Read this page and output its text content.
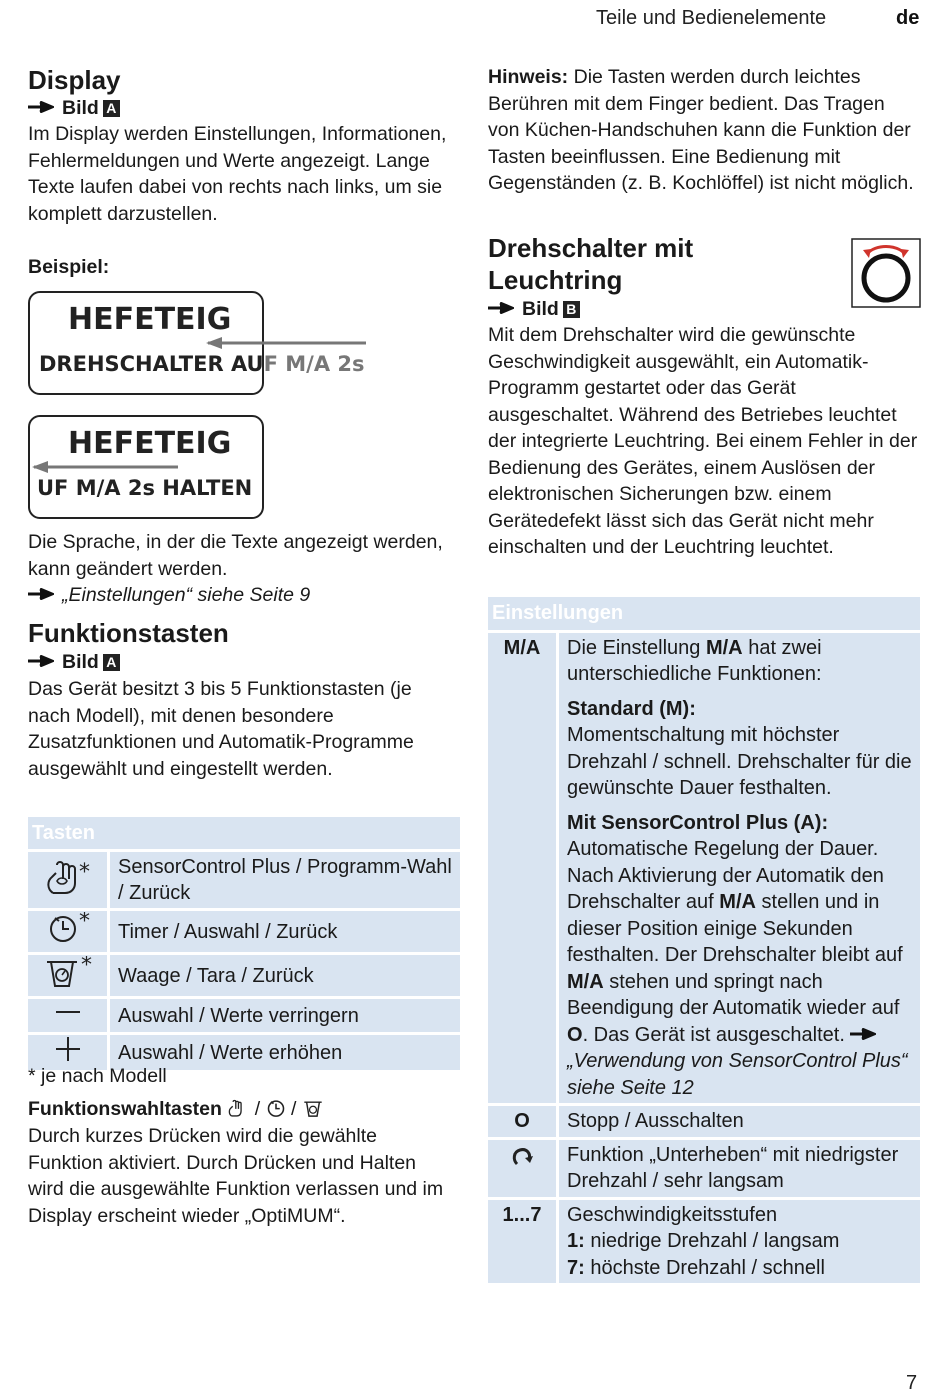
Teile und Bedienelemente	de
Display
Bild A

Im Display werden Einstellungen, Informationen, Fehlermeldungen und Werte angezeigt. Lange Texte laufen dabei von rechts nach links, um sie komplett darzustellen.

Beispiel:
HEFETEIG
DREHSCHALTER AUF M/A 2s
HEFETEIG
UF M/A 2s HALTEN

Die Sprache, in der die Texte angezeigt werden, kann geändert werden.

„Einstellungen“ siehe Seite 9
Funktionstasten
Bild A

Das Gerät besitzt 3 bis 5 Funktionstasten (je nach Modell), mit denen besondere Zusatzfunktionen und Automatik-Programme ausgewählt und eingestellt werden.

Tasten	

*	SensorControl Plus / Programm-Wahl / Zurück

*	Timer / Auswahl / Zurück

*	Waage / Tara / Zurück
	Auswahl / Werte verringern
	Auswahl / Werte erhöhen
* je nach Modell
Funktionswahltasten / /

Durch kurzes Drücken wird die gewählte Funktion aktiviert. Durch Drücken und Halten wird die ausgewählte Funktion verlassen und im Display erscheint wieder „OptiMUM“.

Hinweis: Die Tasten werden durch leichtes Berühren mit dem Finger bedient. Das Tragen von Küchen-Handschuhen kann die Funktion der Tasten beeinflussen. Eine Bedienung mit Gegenständen (z. B. Kochlöffel) ist nicht möglich.

Drehschalter mit
Leuchtring
Bild B

Mit dem Drehschalter wird die gewünschte Geschwindigkeit ausgewählt, ein Automatik-Programm gestartet oder das Gerät ausgeschaltet. Während des Betriebes leuchtet der integrierte Leuchtring. Bei einem Fehler in der Bedienung des Gerätes, einem Auslösen der elektronischen Sicherungen bzw. einem Gerätedefekt lässt sich das Gerät nicht mehr einschalten und der Leuchtring leuchtet.

Einstellungen	
M/A	Die Einstellung M/A hat zwei unterschiedliche Funktionen:

Standard (M):

Momentschaltung mit höchster Drehzahl / schnell. Drehschalter für die gewünschte Dauer festhalten.

Mit SensorControl Plus (A):

Automatische Regelung der Dauer. Nach Aktivierung der Automatik den Drehschalter auf M/A stellen und in dieser Position einige Sekunden festhalten. Der Drehschalter bleibt auf M/A stehen und springt nach Beendigung der Automatik wieder auf O. Das Gerät ist ausgeschaltet. „Verwendung von SensorControl Plus“ siehe Seite 12

O	Stopp / Ausschalten
	Funktion „Unterheben“ mit niedrigster Drehzahl / sehr langsam
1...7	Geschwindigkeitsstufen

1: niedrige Drehzahl / langsam

7: höchste Drehzahl / schnell

7
